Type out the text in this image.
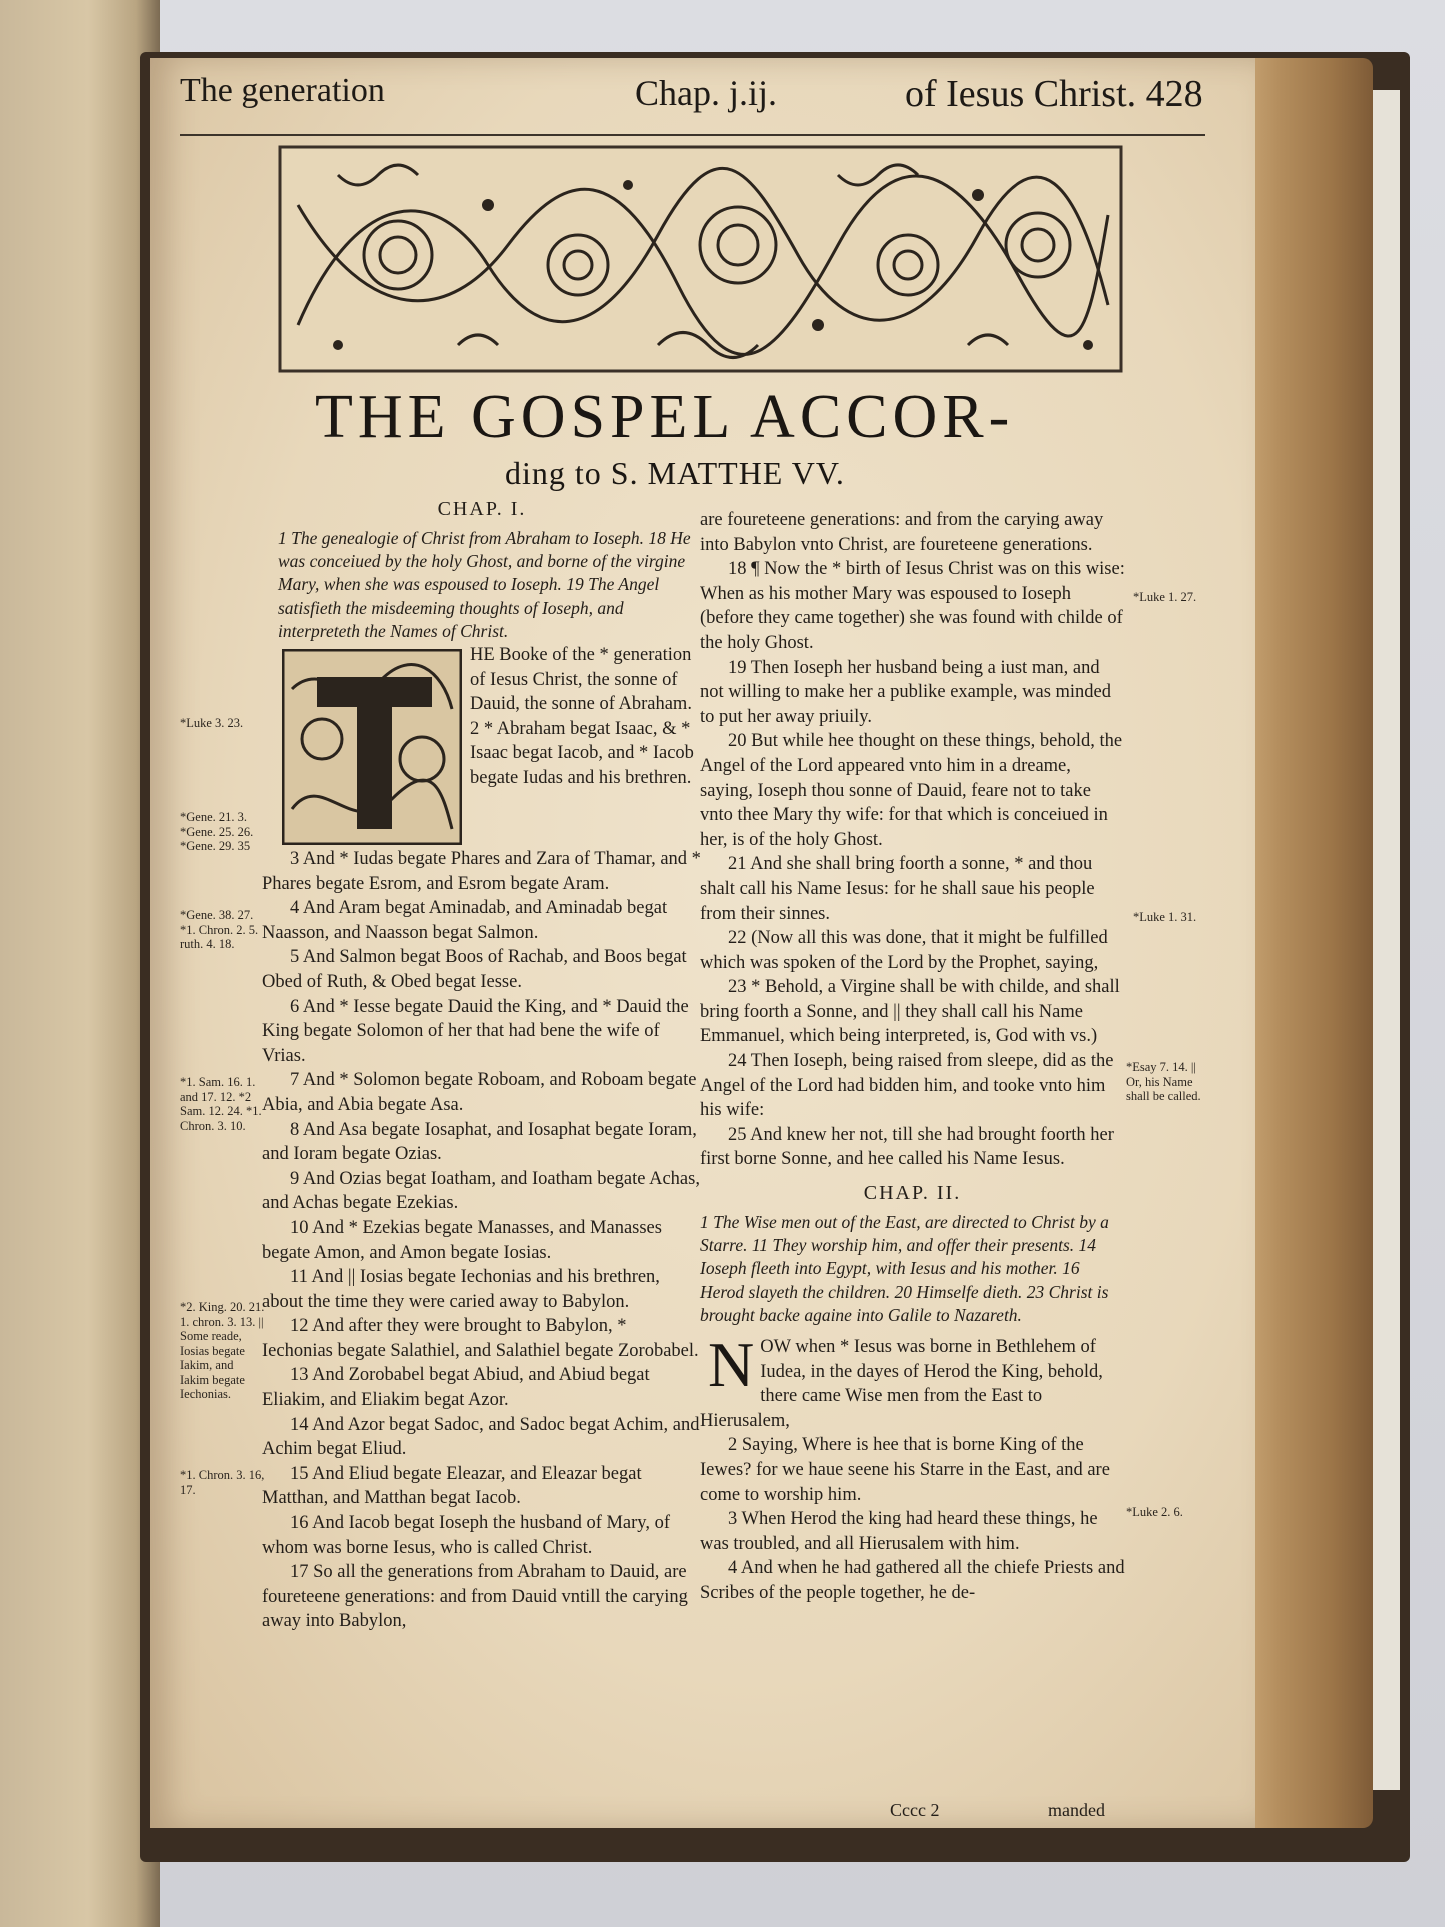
The generation	Chap. j.ij.	of Iesus Christ. 428
THE GOSPEL ACCOR-
ding to S. MATTHE VV.
CHAP. I.

1 The genealogie of Christ from Abraham to Ioseph. 18 He was conceiued by the holy Ghost, and borne of the virgine Mary, when she was espoused to Ioseph. 19 The Angel satisfieth the misdeeming thoughts of Ioseph, and interpreteth the Names of Christ.

HE Booke of the * generation of Iesus Christ, the sonne of Dauid, the sonne of Abraham.

2 * Abraham begat Isaac, & * Isaac begat Iacob, and * Iacob begate Iudas and his brethren.

3 And * Iudas begate Phares and Zara of Thamar, and * Phares begate Esrom, and Esrom begate Aram.

4 And Aram begat Aminadab, and Aminadab begat Naasson, and Naasson begat Salmon.

5 And Salmon begat Boos of Rachab, and Boos begat Obed of Ruth, & Obed begat Iesse.

6 And * Iesse begate Dauid the King, and * Dauid the King begate Solomon of her that had bene the wife of Vrias.

7 And * Solomon begate Roboam, and Roboam begate Abia, and Abia begate Asa.

8 And Asa begate Iosaphat, and Iosaphat begate Ioram, and Ioram begate Ozias.

9 And Ozias begat Ioatham, and Ioatham begate Achas, and Achas begate Ezekias.

10 And * Ezekias begate Manasses, and Manasses begate Amon, and Amon begate Iosias.

11 And || Iosias begate Iechonias and his brethren, about the time they were caried away to Babylon.

12 And after they were brought to Babylon, * Iechonias begate Salathiel, and Salathiel begate Zorobabel.

13 And Zorobabel begat Abiud, and Abiud begat Eliakim, and Eliakim begat Azor.

14 And Azor begat Sadoc, and Sadoc begat Achim, and Achim begat Eliud.

15 And Eliud begate Eleazar, and Eleazar begat Matthan, and Matthan begat Iacob.

16 And Iacob begat Ioseph the husband of Mary, of whom was borne Iesus, who is called Christ.

17 So all the generations from Abraham to Dauid, are foureteene generations: and from Dauid vntill the carying away into Babylon,

are foureteene generations: and from the carying away into Babylon vnto Christ, are foureteene generations.

18 ¶ Now the * birth of Iesus Christ was on this wise: When as his mother Mary was espoused to Ioseph (before they came together) she was found with childe of the holy Ghost.

19 Then Ioseph her husband being a iust man, and not willing to make her a publike example, was minded to put her away priuily.

20 But while hee thought on these things, behold, the Angel of the Lord appeared vnto him in a dreame, saying, Ioseph thou sonne of Dauid, feare not to take vnto thee Mary thy wife: for that which is conceiued in her, is of the holy Ghost.

21 And she shall bring foorth a sonne, * and thou shalt call his Name Iesus: for he shall saue his people from their sinnes.

22 (Now all this was done, that it might be fulfilled which was spoken of the Lord by the Prophet, saying,

23 * Behold, a Virgine shall be with childe, and shall bring foorth a Sonne, and || they shall call his Name Emmanuel, which being interpreted, is, God with vs.)

24 Then Ioseph, being raised from sleepe, did as the Angel of the Lord had bidden him, and tooke vnto him his wife:

25 And knew her not, till she had brought foorth her first borne Sonne, and hee called his Name Iesus.

CHAP. II.

1 The Wise men out of the East, are directed to Christ by a Starre. 11 They worship him, and offer their presents. 14 Ioseph fleeth into Egypt, with Iesus and his mother. 16 Herod slayeth the children. 20 Himselfe dieth. 23 Christ is brought backe againe into Galile to Nazareth.

N OW when * Iesus was borne in Bethlehem of Iudea, in the dayes of Herod the King, behold, there came Wise men from the East to Hierusalem,

2 Saying, Where is hee that is borne King of the Iewes? for we haue seene his Starre in the East, and are come to worship him.

3 When Herod the king had heard these things, he was troubled, and all Hierusalem with him.

4 And when he had gathered all the chiefe Priests and Scribes of the people together, he de-

*Luke 3. 23.
*Gene. 21. 3. *Gene. 25. 26. *Gene. 29. 35
*Gene. 38. 27. *1. Chron. 2. 5. ruth. 4. 18.
*1. Sam. 16. 1. and 17. 12. *2 Sam. 12. 24. *1. Chron. 3. 10.
*2. King. 20. 21. 1. chron. 3. 13. || Some reade, Iosias begate Iakim, and Iakim begate Iechonias.
*1. Chron. 3. 16, 17.
*Luke 1. 27.
*Luke 1. 31.
*Esay 7. 14. || Or, his Name shall be called.
*Luke 2. 6.
Cccc 2	manded
